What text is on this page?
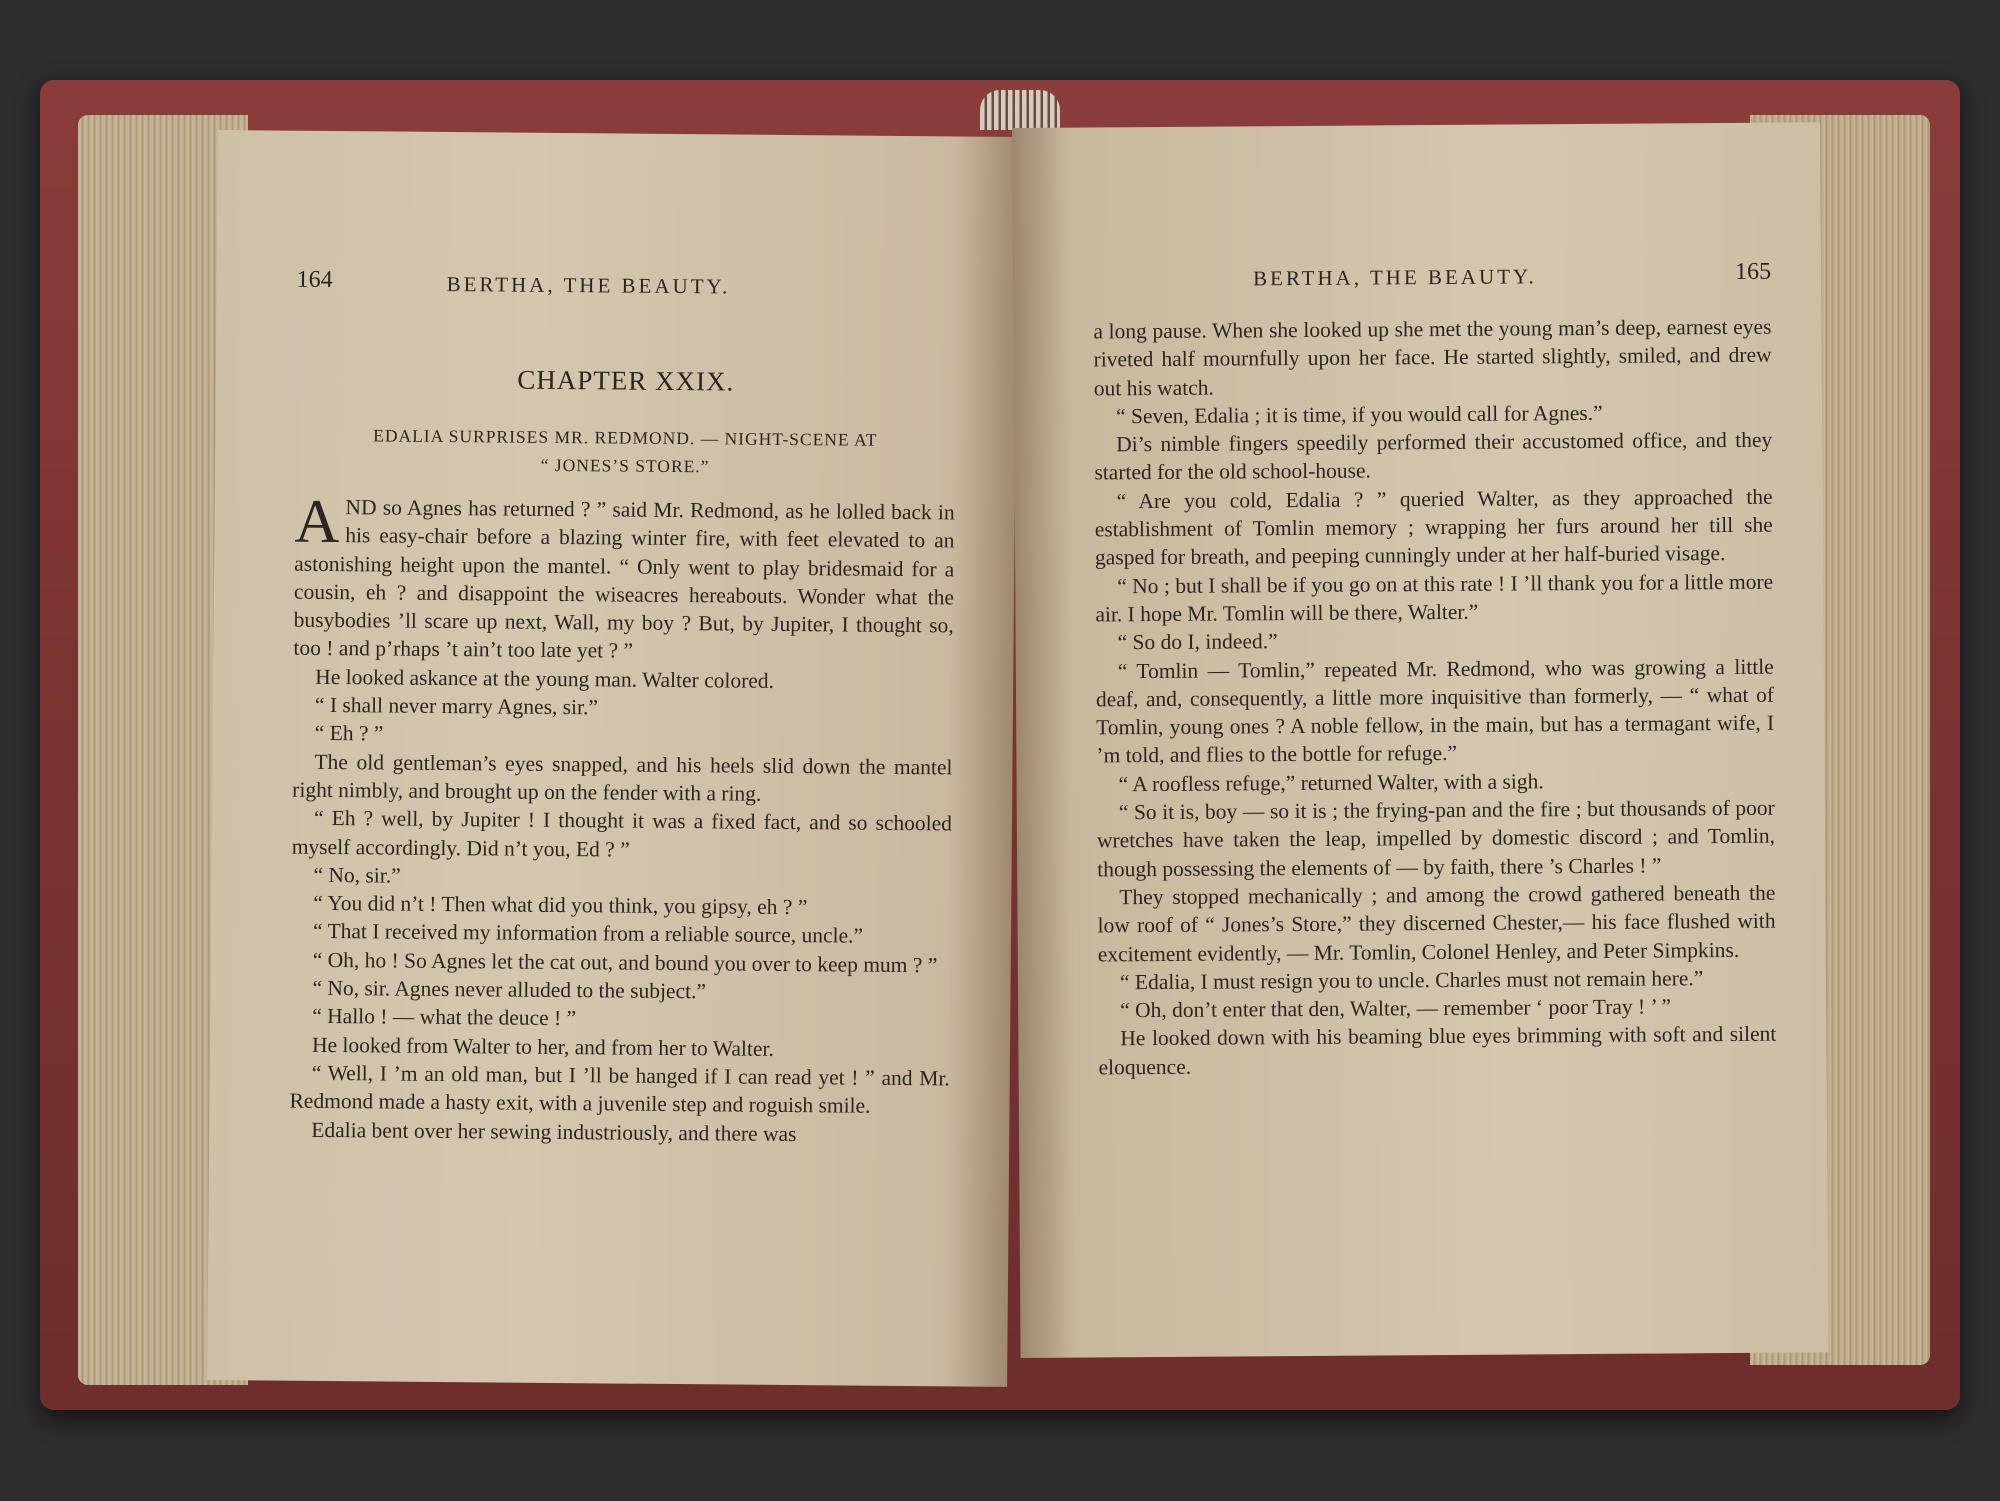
164	BERTHA, THE BEAUTY.
CHAPTER XXIX.
EDALIA SURPRISES MR. REDMOND. — NIGHT-SCENE AT
“ JONES’S STORE.”

AND so Agnes has returned ? ” said Mr. Redmond, as he lolled back in his easy-chair before a blazing winter fire, with feet elevated to an astonishing height upon the mantel. “ Only went to play bridesmaid for a cousin, eh ? and disappoint the wiseacres hereabouts. Wonder what the busybodies ’ll scare up next, Wall, my boy ? But, by Jupiter, I thought so, too ! and p’rhaps ’t ain’t too late yet ? ”

He looked askance at the young man. Walter colored.

“ I shall never marry Agnes, sir.”

“ Eh ? ”

The old gentleman’s eyes snapped, and his heels slid down the mantel right nimbly, and brought up on the fender with a ring.

“ Eh ? well, by Jupiter ! I thought it was a fixed fact, and so schooled myself accordingly. Did n’t you, Ed ? ”

“ No, sir.”

“ You did n’t ! Then what did you think, you gipsy, eh ? ”

“ That I received my information from a reliable source, uncle.”

“ Oh, ho ! So Agnes let the cat out, and bound you over to keep mum ? ”

“ No, sir. Agnes never alluded to the subject.”

“ Hallo ! — what the deuce ! ”

He looked from Walter to her, and from her to Walter.

“ Well, I ’m an old man, but I ’ll be hanged if I can read yet ! ” and Mr. Redmond made a hasty exit, with a juvenile step and roguish smile.

Edalia bent over her sewing industriously, and there was

BERTHA, THE BEAUTY.	165

a long pause. When she looked up she met the young man’s deep, earnest eyes riveted half mournfully upon her face. He started slightly, smiled, and drew out his watch.

“ Seven, Edalia ; it is time, if you would call for Agnes.”

Di’s nimble fingers speedily performed their accustomed office, and they started for the old school-house.

“ Are you cold, Edalia ? ” queried Walter, as they approached the establishment of Tomlin memory ; wrapping her furs around her till she gasped for breath, and peeping cunningly under at her half-buried visage.

“ No ; but I shall be if you go on at this rate ! I ’ll thank you for a little more air. I hope Mr. Tomlin will be there, Walter.”

“ So do I, indeed.”

“ Tomlin — Tomlin,” repeated Mr. Redmond, who was growing a little deaf, and, consequently, a little more inquisitive than formerly, — “ what of Tomlin, young ones ? A noble fellow, in the main, but has a termagant wife, I ’m told, and flies to the bottle for refuge.”

“ A roofless refuge,” returned Walter, with a sigh.

“ So it is, boy — so it is ; the frying-pan and the fire ; but thousands of poor wretches have taken the leap, impelled by domestic discord ; and Tomlin, though possessing the elements of — by faith, there ’s Charles ! ”

They stopped mechanically ; and among the crowd gathered beneath the low roof of “ Jones’s Store,” they discerned Chester,— his face flushed with excitement evidently, — Mr. Tomlin, Colonel Henley, and Peter Simpkins.

“ Edalia, I must resign you to uncle. Charles must not remain here.”

“ Oh, don’t enter that den, Walter, — remember ‘ poor Tray ! ’ ”

He looked down with his beaming blue eyes brimming with soft and silent eloquence.
